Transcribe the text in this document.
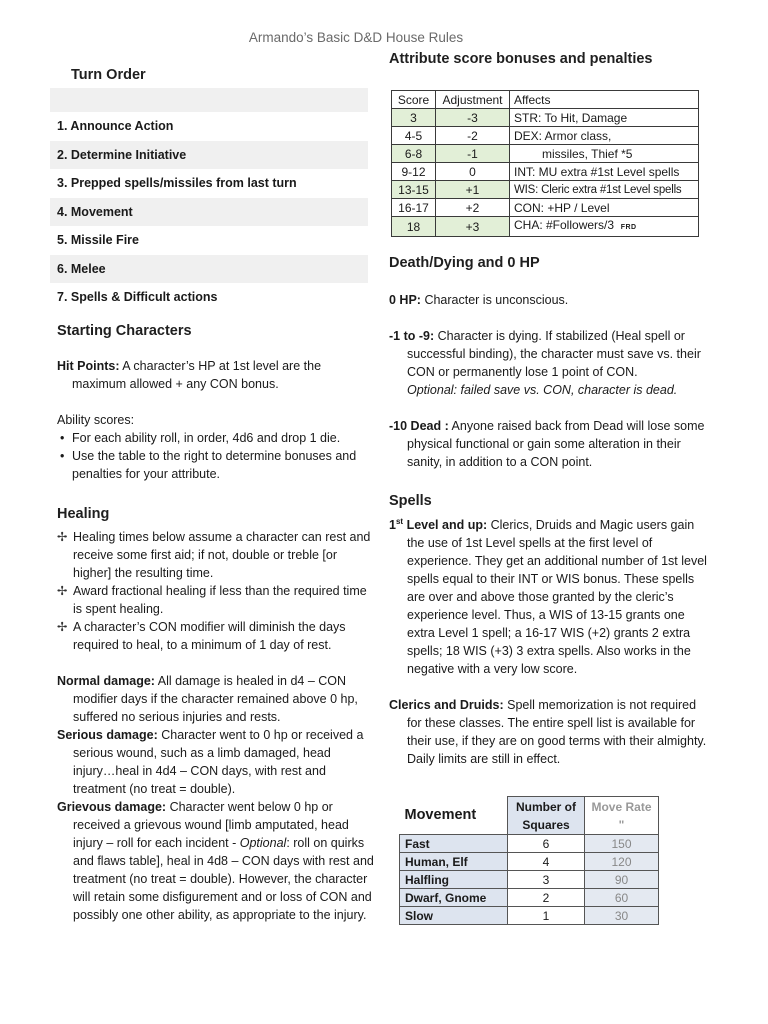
Armando’s Basic D&D House Rules
Turn Order
1. Announce Action
2. Determine Initiative
3. Prepped spells/missiles from last turn
4. Movement
5. Missile Fire
6. Melee
7. Spells & Difficult actions
Starting Characters
Hit Points: A character’s HP at 1st level are the maximum allowed + any CON bonus.
Ability scores:
• For each ability roll, in order, 4d6 and drop 1 die.
• Use the table to the right to determine bonuses and penalties for your attribute.
Healing
✢ Healing times below assume a character can rest and receive some first aid; if not, double or treble [or higher] the resulting time.
✢ Award fractional healing if less than the required time is spent healing.
✢ A character’s CON modifier will diminish the days required to heal, to a minimum of 1 day of rest.
Normal damage: All damage is healed in d4 – CON modifier days if the character remained above 0 hp, suffered no serious injuries and rests.
Serious damage: Character went to 0 hp or received a serious wound, such as a limb damaged, head injury…heal in 4d4 – CON days, with rest and treatment (no treat = double).
Grievous damage: Character went below 0 hp or received a grievous wound [limb amputated, head injury – roll for each incident - Optional: roll on quirks and flaws table], heal in 4d8 – CON days with rest and treatment (no treat = double). However, the character will retain some disfigurement and or loss of CON and possibly one other ability, as appropriate to the injury.
Attribute score bonuses and penalties
Score	Adjustment	Affects
3	-3	STR: To Hit, Damage
4-5	-2	DEX: Armor class,
6-8	-1	missiles, Thief *5
9-12	0	INT: MU extra #1st Level spells
13-15	+1	WIS: Cleric extra #1st Level spells
16-17	+2	CON: +HP / Level
18	+3	CHA: #Followers/3 FRD
Death/Dying and 0 HP
0 HP: Character is unconscious.
-1 to -9: Character is dying. If stabilized (Heal spell or successful binding), the character must save vs. their CON or permanently lose 1 point of CON.
Optional: failed save vs. CON, character is dead.
-10 Dead : Anyone raised back from Dead will lose some physical functional or gain some alteration in their sanity, in addition to a CON point.
Spells
1st Level and up: Clerics, Druids and Magic users gain the use of 1st Level spells at the first level of experience. They get an additional number of 1st level spells equal to their INT or WIS bonus. These spells are over and above those granted by the cleric’s experience level. Thus, a WIS of 13-15 grants one extra Level 1 spell; a 16-17 WIS (+2) grants 2 extra spells; 18 WIS (+3) 3 extra spells. Also works in the negative with a very low score.
Clerics and Druids: Spell memorization is not required for these classes. The entire spell list is available for their use, if they are on good terms with their almighty. Daily limits are still in effect.
Movement	Number of Squares	Move Rate
"
Fast	6	150
Human, Elf	4	120
Halfling	3	90
Dwarf, Gnome	2	60
Slow	1	30
